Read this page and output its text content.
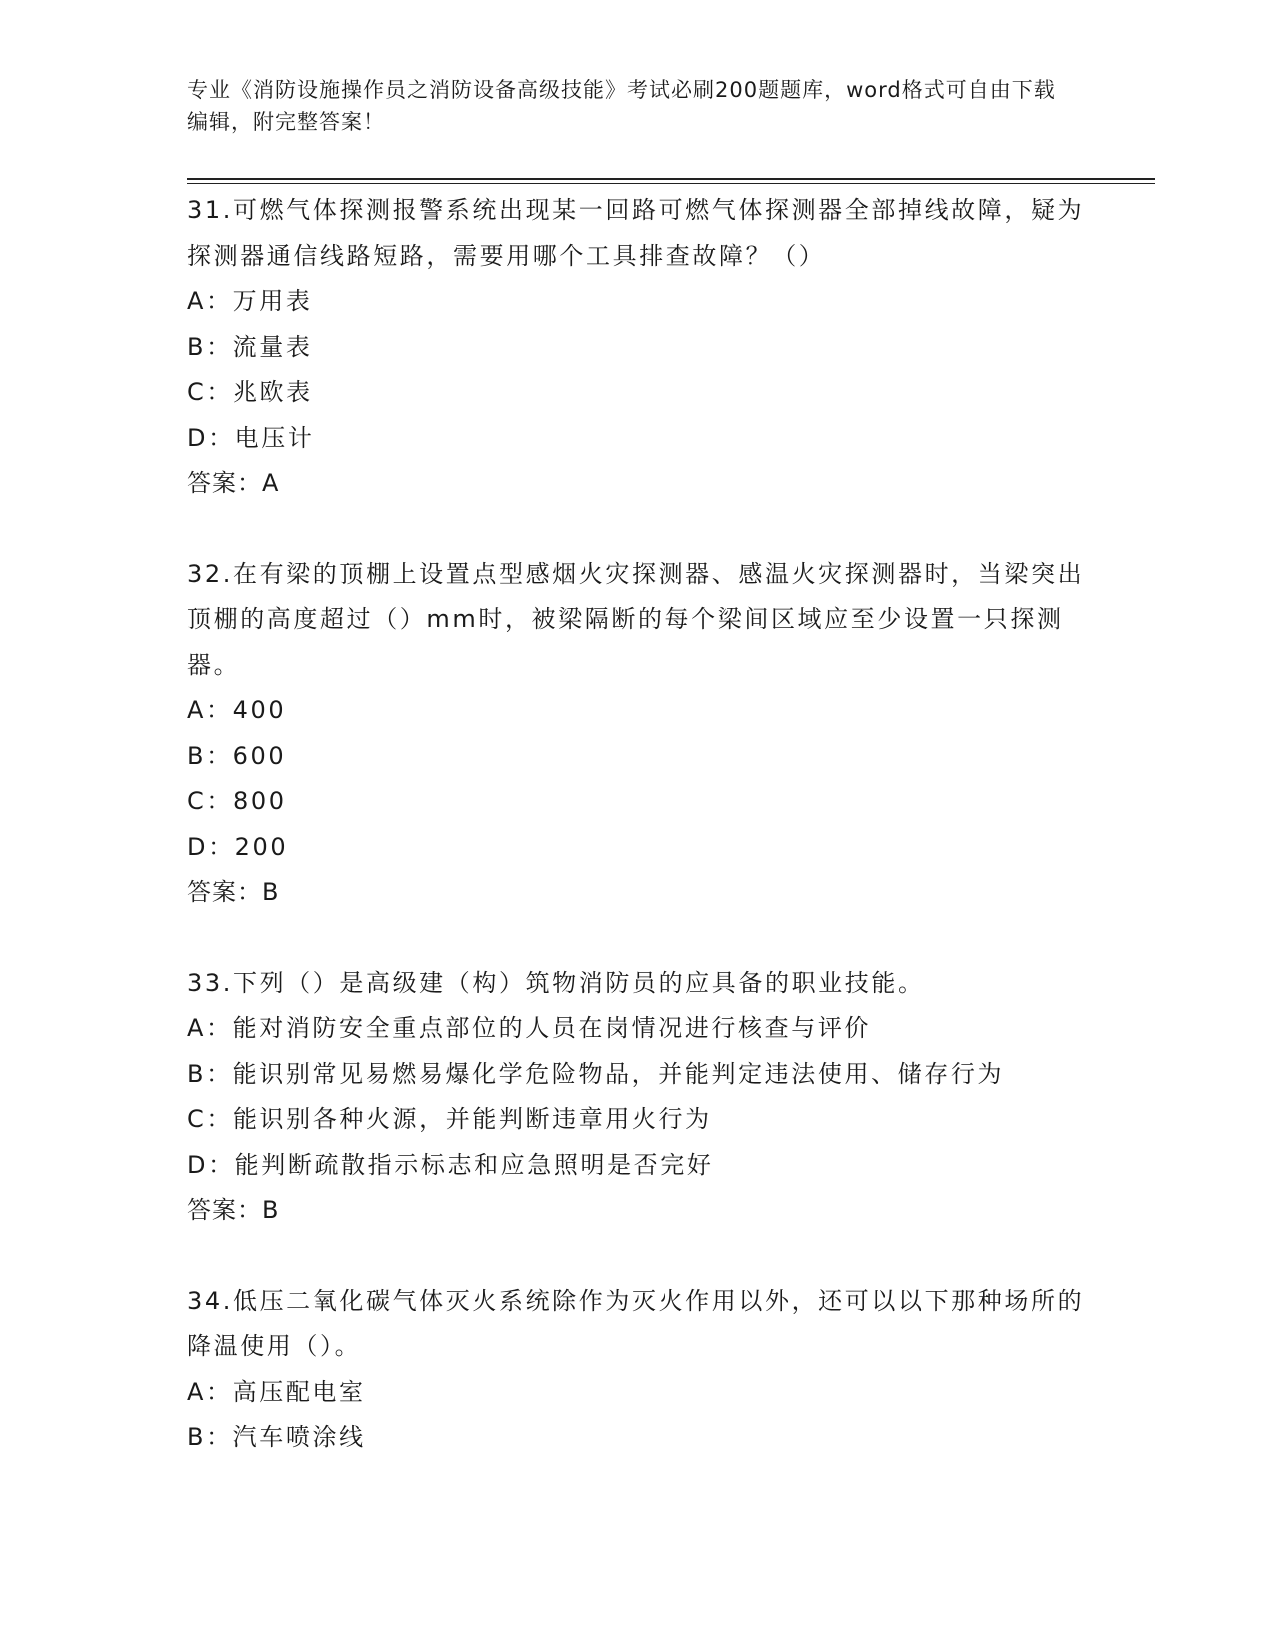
专业《消防设施操作员之消防设备高级技能》考试必刷200题题库，word格式可自由下载编辑，附完整答案！

31.可燃气体探测报警系统出现某一回路可燃气体探测器全部掉线故障，疑为探测器通信线路短路，需要用哪个工具排查故障？（）

A：万用表

B：流量表

C：兆欧表

D：电压计

答案：A

32.在有梁的顶棚上设置点型感烟火灾探测器、感温火灾探测器时，当梁突出顶棚的高度超过（）mm时，被梁隔断的每个梁间区域应至少设置一只探测器。

A：400

B：600

C：800

D：200

答案：B

33.下列（）是高级建（构）筑物消防员的应具备的职业技能。

A：能对消防安全重点部位的人员在岗情况进行核查与评价

B：能识别常见易燃易爆化学危险物品，并能判定违法使用、储存行为

C：能识别各种火源，并能判断违章用火行为

D：能判断疏散指示标志和应急照明是否完好

答案：B

34.低压二氧化碳气体灭火系统除作为灭火作用以外，还可以以下那种场所的降温使用（）。

A：高压配电室

B：汽车喷涂线
